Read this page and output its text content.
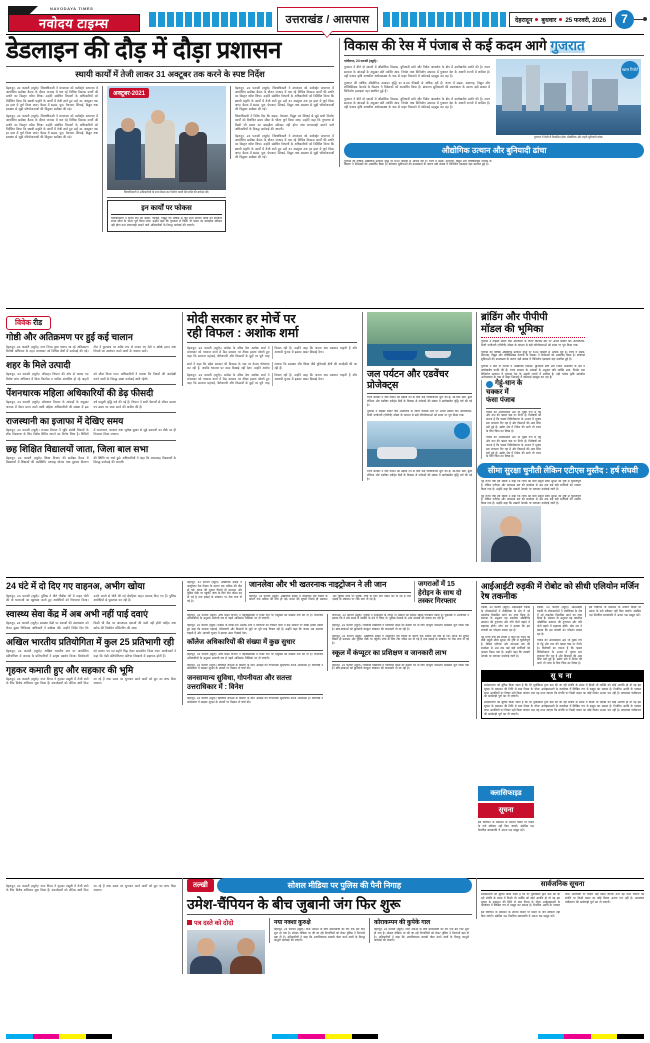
NAVODAYA TIMES
नवोदय टाइम्स	उत्तराखंड / आसपास	देहरादून बुधवार 25 फरवरी, 2026	7
डेडलाइन की दौड़ में दौड़ा प्रशासन
स्थायी कार्यों में तेजी लाकर 31 अक्टूबर तक करने के स्पष्ट निर्देश
देहरादून, 24 फरवरी (ब्यूरो)। जिलाधिकारी ने मंगलवार को कलेक्ट्रेट सभागार में आयोजित समीक्षा बैठक के दौरान जनपद में चल रहे विभिन्न विकास कार्यों की प्रगति का विस्तृत ब्यौरा लिया। उन्होंने संबंधित विभागों के अधिकारियों को निर्देशित किया कि स्थायी प्रकृति के कार्यों में तेजी लाते हुए उन्हें 31 अक्टूबर तक हर हाल में पूर्ण किया जाए। बैठक में सड़क, पुल, पेयजल, सिंचाई, विद्युत तथा स्वास्थ्य से जुड़ी परियोजनाओं की बिंदुवार समीक्षा की गई।
देहरादून, 24 फरवरी (ब्यूरो)। जिलाधिकारी ने मंगलवार को कलेक्ट्रेट सभागार में आयोजित समीक्षा बैठक के दौरान जनपद में चल रहे विभिन्न विकास कार्यों की प्रगति का विस्तृत ब्यौरा लिया। उन्होंने संबंधित विभागों के अधिकारियों को निर्देशित किया कि स्थायी प्रकृति के कार्यों में तेजी लाते हुए उन्हें 31 अक्टूबर तक हर हाल में पूर्ण किया जाए। बैठक में सड़क, पुल, पेयजल, सिंचाई, विद्युत तथा स्वास्थ्य से जुड़ी परियोजनाओं की बिंदुवार समीक्षा की गई।
अक्टूबर-2021
जिलाधिकारी ने अधिकारियों के साथ बैठक कर निर्माण कार्यों की प्रगति की समीक्षा की।
इन कार्यों पर फोकस
जिलाधिकारी ने निर्देश दिए कि सड़क, पेयजल, विद्युत एवं सिंचाई से जुड़े सभी निर्माण कार्यों को निर्धारित समय सीमा के भीतर पूर्ण किया जाए। उन्होंने कहा कि गुणवत्ता से किसी भी प्रकार का समझौता स्वीकार नहीं होगा तथा लापरवाही बरतने वाले अधिकारियों के विरुद्ध कार्रवाई की जाएगी।
देहरादून, 24 फरवरी (ब्यूरो)। जिलाधिकारी ने मंगलवार को कलेक्ट्रेट सभागार में आयोजित समीक्षा बैठक के दौरान जनपद में चल रहे विभिन्न विकास कार्यों की प्रगति का विस्तृत ब्यौरा लिया। उन्होंने संबंधित विभागों के अधिकारियों को निर्देशित किया कि स्थायी प्रकृति के कार्यों में तेजी लाते हुए उन्हें 31 अक्टूबर तक हर हाल में पूर्ण किया जाए। बैठक में सड़क, पुल, पेयजल, सिंचाई, विद्युत तथा स्वास्थ्य से जुड़ी परियोजनाओं की बिंदुवार समीक्षा की गई।
जिलाधिकारी ने निर्देश दिए कि सड़क, पेयजल, विद्युत एवं सिंचाई से जुड़े सभी निर्माण कार्यों को निर्धारित समय सीमा के भीतर पूर्ण किया जाए। उन्होंने कहा कि गुणवत्ता से किसी भी प्रकार का समझौता स्वीकार नहीं होगा तथा लापरवाही बरतने वाले अधिकारियों के विरुद्ध कार्रवाई की जाएगी।
देहरादून, 24 फरवरी (ब्यूरो)। जिलाधिकारी ने मंगलवार को कलेक्ट्रेट सभागार में आयोजित समीक्षा बैठक के दौरान जनपद में चल रहे विभिन्न विकास कार्यों की प्रगति का विस्तृत ब्यौरा लिया। उन्होंने संबंधित विभागों के अधिकारियों को निर्देशित किया कि स्थायी प्रकृति के कार्यों में तेजी लाते हुए उन्हें 31 अक्टूबर तक हर हाल में पूर्ण किया जाए। बैठक में सड़क, पुल, पेयजल, सिंचाई, विद्युत तथा स्वास्थ्य से जुड़ी परियोजनाओं की बिंदुवार समीक्षा की गई।
विकास की रेस में पंजाब से कई कदम आगे गुजरात
गांधीनगर, 24 फरवरी (ब्यूरो)।
गुजरात ने बीते दो दशकों में औद्योगिक विकास, बुनियादी ढांचे और निवेश आकर्षण के क्षेत्र में उल्लेखनीय प्रगति की है। राज्य सरकार के आंकड़ों के अनुसार प्रति व्यक्ति आय, निर्यात तथा विनिर्माण उत्पादन में गुजरात देश के अग्रणी राज्यों में शामिल है। वहीं पंजाब कृषि आधारित अर्थव्यवस्था के चक्र से बाहर निकलने में कठिनाई महसूस कर रहा है।
गुजरात की वार्षिक औद्योगिक उत्पादन वृद्धि दर 8.00 फीसदी से अधिक रही है। राज्य में सड़क, बंदरगाह, विद्युत और लॉजिस्टिक्स नेटवर्क के विस्तार ने निवेशकों को आकर्षित किया है। ढांचागत सुविधाओं की उपलब्धता के कारण बड़ी संख्या में विनिर्माण इकाइयां यहां स्थापित हुई हैं।
गुजरात ने बीते दो दशकों में औद्योगिक विकास, बुनियादी ढांचे और निवेश आकर्षण के क्षेत्र में उल्लेखनीय प्रगति की है। राज्य सरकार के आंकड़ों के अनुसार प्रति व्यक्ति आय, निर्यात तथा विनिर्माण उत्पादन में गुजरात देश के अग्रणी राज्यों में शामिल है। वहीं पंजाब कृषि आधारित अर्थव्यवस्था के चक्र से बाहर निकलने में कठिनाई महसूस कर रहा है।
खास रिपोर्ट
गुजरात में तेजी से विकसित होता औद्योगिक और शहरी बुनियादी ढांचा।
औद्योगिक उत्थान और बुनियादी ढांचा
गुजरात की वार्षिक औद्योगिक उत्पादन वृद्धि दर 8.00 फीसदी से अधिक रही है। राज्य में सड़क, बंदरगाह, विद्युत और लॉजिस्टिक्स नेटवर्क के विस्तार ने निवेशकों को आकर्षित किया है। ढांचागत सुविधाओं की उपलब्धता के कारण बड़ी संख्या में विनिर्माण इकाइयां यहां स्थापित हुई हैं।
विवेक रीड
गोष्ठी और अतिक्रमण पर हुई कई चालान
देहरादून, 24 फरवरी (ब्यूरो)। नगर निगम द्वारा चलाए जा रहे अतिक्रमण विरोधी अभियान के तहत मंगलवार को विभिन्न क्षेत्रों में कार्रवाई की गई। टीम ने फुटपाथ पर अवैध रूप से लगाए गए ठेले व खोखे हटाए तथा नियमों का उल्लंघन करने वालों के चालान काटे।
शहर के मिले उत्पादी
देहरादून, 24 फरवरी (ब्यूरो)। परिवहन विभाग की ओर से चलाए गए विशेष जांच अभियान में बिना फिटनेस व परमिट संचालित हो रहे वाहनों को सीज किया गया। अधिकारियों ने बताया कि नियमों की अनदेखी करने वालों के विरुद्ध सख्त कार्रवाई जारी रहेगी।
पेंशनधारक महिला अधिकारियों की डेढ़ फीसदी
देहरादून, 24 फरवरी (ब्यूरो)। कोषागार विभाग के आंकड़ों के अनुसार जनपद में पेंशन प्राप्त करने वाली महिला अधिकारियों की संख्या में इस वर्ष मामूली वृद्धि दर्ज की गई है। विभाग ने सभी पेंशनरों से जीवन प्रमाण पत्र समय पर जमा करने की अपील की है।
राजस्थानी का इजाफा में देखिए समय
देहरादून, 24 फरवरी (ब्यूरो)। राजस्व विभाग ने भूमि संबंधी विवादों के शीघ्र निस्तारण के लिए विशेष शिविर लगाने का निर्णय लिया है। शिविरों में नामांतरण, बंटवारा तथा भूलेख सुधार से जुड़े प्रकरणों का मौके पर ही निपटारा किया जाएगा।
छह शिक्षित विद्यालयों जाता, जिला बाल सभा
देहरादून, 24 फरवरी (ब्यूरो)। शिक्षा विभाग की समीक्षा बैठक में विद्यालयों में शिक्षकों की उपस्थिति, मध्याह्न भोजन तथा पुस्तक वितरण की स्थिति पर चर्चा हुई। अधिकारियों ने कहा कि लापरवाह विद्यालयों के विरुद्ध कार्रवाई की जाएगी।
मोदी सरकार हर मोर्चे पर
रही विफल : अशोक शर्मा
देहरादून, 24 फरवरी (ब्यूरो)। कांग्रेस के वरिष्ठ नेता अशोक शर्मा ने मंगलवार को पत्रकार वार्ता में केंद्र सरकार पर तीखा हमला बोलते हुए कहा कि सरकार महंगाई, बेरोजगारी और किसानों के मुद्दों पर पूरी तरह विफल रही है। उन्होंने कहा कि जनता अब बदलाव चाहती है और आगामी चुनाव में इसका असर दिखाई देगा।
शर्मा ने कहा कि प्रदेश सरकार भी विकास के नाम पर केवल घोषणाएं कर रही है, जबकि धरातल पर काम दिखाई नहीं देता। उन्होंने आरोप लगाया कि स्वास्थ्य और शिक्षा जैसे बुनियादी क्षेत्रों की अनदेखी की जा रही है।
देहरादून, 24 फरवरी (ब्यूरो)। कांग्रेस के वरिष्ठ नेता अशोक शर्मा ने मंगलवार को पत्रकार वार्ता में केंद्र सरकार पर तीखा हमला बोलते हुए कहा कि सरकार महंगाई, बेरोजगारी और किसानों के मुद्दों पर पूरी तरह विफल रही है। उन्होंने कहा कि जनता अब बदलाव चाहती है और आगामी चुनाव में इसका असर दिखाई देगा।	जल पर्यटन और एडवेंचर प्रोजेक्ट्स
राज्य सरकार ने जल पर्यटन को बढ़ावा देने के लिए कई परियोजनाएं शुरू की हैं। सी-प्लेन सेवा, क्रूज टर्मिनल और एडवेंचर स्पोर्ट्स केंद्रों के विकास से पर्यटकों की संख्या में उल्लेखनीय वृद्धि दर्ज की गई है।
गुजरात ने वाइब्रेंट समिट जैसे आयोजनों के जरिए वैश्विक स्तर पर अपनी ब्रांडिंग की। सार्वजनिक-निजी भागीदारी (पीपीपी) मॉडल के माध्यम से बड़ी परियोजनाओं को समय पर पूरा किया गया।
राज्य सरकार ने जल पर्यटन को बढ़ावा देने के लिए कई परियोजनाएं शुरू की हैं। सी-प्लेन सेवा, क्रूज टर्मिनल और एडवेंचर स्पोर्ट्स केंद्रों के विकास से पर्यटकों की संख्या में उल्लेखनीय वृद्धि दर्ज की गई है।
ब्रांडिंग और पीपीपी
मॉडल की भूमिका
गुजरात ने वाइब्रेंट समिट जैसे आयोजनों के जरिए वैश्विक स्तर पर अपनी ब्रांडिंग की। सार्वजनिक-निजी भागीदारी (पीपीपी) मॉडल के माध्यम से बड़ी परियोजनाओं को समय पर पूरा किया गया।
गुजरात की वार्षिक औद्योगिक उत्पादन वृद्धि दर 8.00 फीसदी से अधिक रही है। राज्य में सड़क, बंदरगाह, विद्युत और लॉजिस्टिक्स नेटवर्क के विस्तार ने निवेशकों को आकर्षित किया है। ढांचागत सुविधाओं की उपलब्धता के कारण बड़ी संख्या में विनिर्माण इकाइयां यहां स्थापित हुई हैं।
गुजरात ने बीते दो दशकों में औद्योगिक विकास, बुनियादी ढांचे और निवेश आकर्षण के क्षेत्र में उल्लेखनीय प्रगति की है। राज्य सरकार के आंकड़ों के अनुसार प्रति व्यक्ति आय, निर्यात तथा विनिर्माण उत्पादन में गुजरात देश के अग्रणी राज्यों में शामिल है। वहीं पंजाब कृषि आधारित अर्थव्यवस्था के चक्र से बाहर निकलने में कठिनाई महसूस कर रहा है।
गेहूं-धान के
चक्कर में
फंसा पंजाब
पंजाब की अर्थव्यवस्था अब भी मुख्य रूप से गेहूं और धान की फसल चक्र पर निर्भर है। विशेषज्ञों का मानना है कि फसल विविधीकरण के अभाव में भूजल स्तर लगातार गिर रहा है और किसानों की आय स्थिर बनी हुई है। उद्योग क्षेत्र में निवेश की कमी भी राज्य के लिए चिंता का विषय है।
पंजाब की अर्थव्यवस्था अब भी मुख्य रूप से गेहूं और धान की फसल चक्र पर निर्भर है। विशेषज्ञों का मानना है कि फसल विविधीकरण के अभाव में भूजल स्तर लगातार गिर रहा है और किसानों की आय स्थिर बनी हुई है। उद्योग क्षेत्र में निवेश की कमी भी राज्य के लिए चिंता का विषय है।
सीमा सुरक्षा चुनौती लेकिन एटीएस मुस्तैद : हर्ष संघवी
गृह राज्य मंत्री हर्ष संघवी ने कहा कि राज्य की लंबी समुद्री सीमा सुरक्षा की दृष्टि से चुनौतीपूर्ण है, लेकिन एटीएस और तटरक्षक बल की सतर्कता से अब तक कई बड़ी साजिशों को नाकाम किया गया है। उन्होंने कहा कि तस्करी नेटवर्क पर लगातार कार्रवाई जारी है।
गृह राज्य मंत्री हर्ष संघवी ने कहा कि राज्य की लंबी समुद्री सीमा सुरक्षा की दृष्टि से चुनौतीपूर्ण है, लेकिन एटीएस और तटरक्षक बल की सतर्कता से अब तक कई बड़ी साजिशों को नाकाम किया गया है। उन्होंने कहा कि तस्करी नेटवर्क पर लगातार कार्रवाई जारी है।
24 घंटे में दो दिए गए वाहनअ, अभीग खोया
देहरादून, 24 फरवरी (ब्यूरो)। पुलिस ने बीते चौबीस घंटे में वाहन चोरी की दो घटनाओं का खुलासा करते हुए आरोपियों को गिरफ्तार किया। उनके कब्जे से चोरी की गई दोपहिया वाहन बरामद किए गए हैं। पुलिस आरोपियों से पूछताछ कर रही है।
स्वास्थ्य सेवा केंद्र में अब अभी नहीं पाई दवाएं
देहरादून, 24 फरवरी (ब्यूरो)। स्वास्थ्य केंद्रों पर दवाओं की उपलब्धता को लेकर मुख्य चिकित्सा अधिकारी ने समीक्षा की। उन्होंने निर्देश दिए कि किसी भी केंद्र पर आवश्यक दवाओं की कमी नहीं होनी चाहिए तथा स्टॉक की नियमित मॉनिटरिंग की जाए।
अखिल भारतीय प्रतियोगिता में कुल 25 प्रतिभागी रही
देहरादून, 24 फरवरी (ब्यूरो)। अखिल भारतीय स्तर पर आयोजित प्रतियोगिता में जनपद के प्रतिभागियों ने उत्कृष्ट प्रदर्शन किया। विजेताओं को प्रमाण पत्र एवं स्मृति चिह्न देकर सम्मानित किया गया। आयोजकों ने कहा कि ऐसी प्रतियोगिताएं प्रतिभा निखारने में सहायक होती हैं।
गृहकर कमाती हुए और सहकार की भूमि
देहरादून, 24 फरवरी (ब्यूरो)। नगर निगम ने गृहकर वसूली में तेजी लाने के लिए विशेष अभियान शुरू किया है। बकायेदारों को नोटिस जारी किए जा रहे हैं तथा समय पर भुगतान करने वालों को छूट का लाभ दिया जाएगा।
देहरादून, 24 फरवरी (ब्यूरो)। औद्योगिक इकाई में नाइट्रोजन गैस रिसाव के कारण एक श्रमिक की मौत हो गई। घटना की सूचना मिलते ही प्रशासन और पुलिस मौके पर पहुंची। जांच के लिए टीम गठित कर दी गई है तथा इकाई के संचालन पर रोक लगा दी गई है।
जानलेवा और भी खतरनाक नाइट्रोजन ने ली जान
देहरादून, 24 फरवरी (ब्यूरो)। औद्योगिक इकाई में नाइट्रोजन गैस रिसाव के कारण एक श्रमिक की मौत हो गई। घटना की सूचना मिलते ही प्रशासन और पुलिस मौके पर पहुंची। जांच के लिए टीम गठित कर दी गई है तथा इकाई के संचालन पर रोक लगा दी गई है।
जगराओं में 15
हेरोइन के साथ दो
तस्कर गिरफ्तार
देहरादून, 24 फरवरी (ब्यूरो)। उच्च शिक्षा विभाग ने महाविद्यालयों में रिक्त पदों पर नियुक्ति की प्रक्रिया तेज कर दी है। विभागीय अधिकारियों के अनुसार आगामी सत्र से पहले अधिकांश रिक्तियां भर दी जाएंगी।
देहरादून, 24 फरवरी (ब्यूरो)। कांग्रेस के वरिष्ठ नेता अशोक शर्मा ने मंगलवार को पत्रकार वार्ता में केंद्र सरकार पर तीखा हमला बोलते हुए कहा कि सरकार महंगाई, बेरोजगारी और किसानों के मुद्दों पर पूरी तरह विफल रही है। उन्होंने कहा कि जनता अब बदलाव चाहती है और आगामी चुनाव में इसका असर दिखाई देगा।
कॉलेज अधिकारियों की संख्या में कुछ सुधार
देहरादून, 24 फरवरी (ब्यूरो)। उच्च शिक्षा विभाग ने महाविद्यालयों में रिक्त पदों पर नियुक्ति की प्रक्रिया तेज कर दी है। विभागीय अधिकारियों के अनुसार आगामी सत्र से पहले अधिकांश रिक्तियां भर दी जाएंगी।
देहरादून, 24 फरवरी (ब्यूरो)। डिजिटल सेवाओं के विस्तार के साथ आंकड़ों की गोपनीयता सुनिश्चित करना आवश्यक है। विशेषज्ञों ने कार्यशाला में साइबर सुरक्षा के उपायों पर विस्तार से चर्चा की।
जनसामान्य सुविधा, गोपनीयता और सतत्ता उत्तराधिकार में : विनेश
देहरादून, 24 फरवरी (ब्यूरो)। डिजिटल सेवाओं के विस्तार के साथ आंकड़ों की गोपनीयता सुनिश्चित करना आवश्यक है। विशेषज्ञों ने कार्यशाला में साइबर सुरक्षा के उपायों पर विस्तार से चर्चा की।
जगराओं, 24 फरवरी (ब्यूरो)। पुलिस ने नाकाबंदी के दौरान दो तस्करों को हेरोइन सहित गिरफ्तार किया है। पूछताछ में आरोपियों ने बताया कि वे लंबे समय से तस्करी के धंधे में लिप्त थे। पुलिस नेटवर्क के अन्य सदस्यों की तलाश कर रही है।
देहरादून, 24 फरवरी (ब्यूरो)। राजकीय विद्यालयों में डिजिटल शिक्षा को बढ़ावा देने के लिए कंप्यूटर प्रशिक्षण कार्यक्रम शुरू किया गया है। छात्र-छात्राओं को बुनियादी कंप्यूटर संचालन की जानकारी दी जा रही है।
देहरादून, 24 फरवरी (ब्यूरो)। औद्योगिक इकाई में नाइट्रोजन गैस रिसाव के कारण एक श्रमिक की मौत हो गई। घटना की सूचना मिलते ही प्रशासन और पुलिस मौके पर पहुंची। जांच के लिए टीम गठित कर दी गई है तथा इकाई के संचालन पर रोक लगा दी गई है।
स्कूल में कंप्यूटर का प्रशिक्षण व जानकारी लाभ
देहरादून, 24 फरवरी (ब्यूरो)। राजकीय विद्यालयों में डिजिटल शिक्षा को बढ़ावा देने के लिए कंप्यूटर प्रशिक्षण कार्यक्रम शुरू किया गया है। छात्र-छात्राओं को बुनियादी कंप्यूटर संचालन की जानकारी दी जा रही है।
आईआईटी रुड़की में रोबोट को सीधी एलियोन मर्जिन रेष तकनीक
रुड़की, 24 फरवरी (ब्यूरो)। आईआईटी रुड़की के शोधकर्ताओं ने रोबोटिक्स के क्षेत्र में नई तकनीक विकसित करने का दावा किया है। संस्थान के अनुसार यह तकनीक औद्योगिक उत्पादन की गुणवत्ता और गति दोनों बढ़ाने में सहायक होगी। शोध दल ने बताया कि इस प्रणाली का परीक्षण सफल रहा है।
गृह राज्य मंत्री हर्ष संघवी ने कहा कि राज्य की लंबी समुद्री सीमा सुरक्षा की दृष्टि से चुनौतीपूर्ण है, लेकिन एटीएस और तटरक्षक बल की सतर्कता से अब तक कई बड़ी साजिशों को नाकाम किया गया है। उन्होंने कहा कि तस्करी नेटवर्क पर लगातार कार्रवाई जारी है।
रुड़की, 24 फरवरी (ब्यूरो)। आईआईटी रुड़की के शोधकर्ताओं ने रोबोटिक्स के क्षेत्र में नई तकनीक विकसित करने का दावा किया है। संस्थान के अनुसार यह तकनीक औद्योगिक उत्पादन की गुणवत्ता और गति दोनों बढ़ाने में सहायक होगी। शोध दल ने बताया कि इस प्रणाली का परीक्षण सफल रहा है।
पंजाब की अर्थव्यवस्था अब भी मुख्य रूप से गेहूं और धान की फसल चक्र पर निर्भर है। विशेषज्ञों का मानना है कि फसल विविधीकरण के अभाव में भूजल स्तर लगातार गिर रहा है और किसानों की आय स्थिर बनी हुई है। उद्योग क्षेत्र में निवेश की कमी भी राज्य के लिए चिंता का विषय है।
इस विज्ञापन के प्रकाशन के उपरांत किसी भी प्रकार के दावे स्वीकार नहीं किए जाएंगे। संबंधित पक्ष निर्धारित समयावधि में अपना पक्ष प्रस्तुत करें।
सूचना
सर्वसाधारण को सूचित किया जाता है कि मेरे मुवक्किल द्वारा क्रय की जा रही संपत्ति के संबंध में किसी भी व्यक्ति को कोई आपत्ति हो तो वह इस सूचना के प्रकाशन की तिथि से सात दिवस के भीतर अधोहस्ताक्षरी के कार्यालय में लिखित रूप से प्रस्तुत कर सकता है। निर्धारित अवधि के पश्चात प्राप्त आपत्तियों पर विचार नहीं किया जाएगा तथा यह माना जाएगा कि संपत्ति पर किसी प्रकार का कोई विवाद अथवा भार नहीं है। तत्पश्चात पंजीकरण की कार्यवाही पूर्ण कर दी जाएगी।
सर्वसाधारण को सूचित किया जाता है कि मेरे मुवक्किल द्वारा क्रय की जा रही संपत्ति के संबंध में किसी भी व्यक्ति को कोई आपत्ति हो तो वह इस सूचना के प्रकाशन की तिथि से सात दिवस के भीतर अधोहस्ताक्षरी के कार्यालय में लिखित रूप से प्रस्तुत कर सकता है। निर्धारित अवधि के पश्चात प्राप्त आपत्तियों पर विचार नहीं किया जाएगा तथा यह माना जाएगा कि संपत्ति पर किसी प्रकार का कोई विवाद अथवा भार नहीं है। तत्पश्चात पंजीकरण की कार्यवाही पूर्ण कर दी जाएगी।
क्लासिफाइड
सूचना
इस विज्ञापन के प्रकाशन के उपरांत किसी भी प्रकार के दावे स्वीकार नहीं किए जाएंगे। संबंधित पक्ष निर्धारित समयावधि में अपना पक्ष प्रस्तुत करें।
देहरादून, 24 फरवरी (ब्यूरो)। नगर निगम ने गृहकर वसूली में तेजी लाने के लिए विशेष अभियान शुरू किया है। बकायेदारों को नोटिस जारी किए जा रहे हैं तथा समय पर भुगतान करने वालों को छूट का लाभ दिया जाएगा।
तल्खी	सोशल मीडिया पर पुलिस की पैनी निगाह
उमेश-चैंपियन के बीच जुबानी जंग फिर शुरू
पत्र दस्ते को दोदो	नया नक्शा कुरुक्षे
देहरादून, 24 फरवरी (ब्यूरो)। दोनों नेताओं के बीच बयानबाजी का दौर एक बार फिर शुरू हो गया है। सोशल मीडिया पर की जा रही टिप्पणियों को लेकर पुलिस ने निगरानी बढ़ा दी है। अधिकारियों ने कहा कि आपत्तिजनक सामग्री पोस्ट करने वालों के विरुद्ध कानूनी कार्रवाई की जाएगी।
कोराकम्पन की कुपेके गाल
देहरादून, 24 फरवरी (ब्यूरो)। दोनों नेताओं के बीच बयानबाजी का दौर एक बार फिर शुरू हो गया है। सोशल मीडिया पर की जा रही टिप्पणियों को लेकर पुलिस ने निगरानी बढ़ा दी है। अधिकारियों ने कहा कि आपत्तिजनक सामग्री पोस्ट करने वालों के विरुद्ध कानूनी कार्रवाई की जाएगी।
सार्वजनिक सूचना
सर्वसाधारण को सूचित किया जाता है कि मेरे मुवक्किल द्वारा क्रय की जा रही संपत्ति के संबंध में किसी भी व्यक्ति को कोई आपत्ति हो तो वह इस सूचना के प्रकाशन की तिथि से सात दिवस के भीतर अधोहस्ताक्षरी के कार्यालय में लिखित रूप से प्रस्तुत कर सकता है। निर्धारित अवधि के पश्चात प्राप्त आपत्तियों पर विचार नहीं किया जाएगा तथा यह माना जाएगा कि संपत्ति पर किसी प्रकार का कोई विवाद अथवा भार नहीं है। तत्पश्चात पंजीकरण की कार्यवाही पूर्ण कर दी जाएगी।
इस विज्ञापन के प्रकाशन के उपरांत किसी भी प्रकार के दावे स्वीकार नहीं किए जाएंगे। संबंधित पक्ष निर्धारित समयावधि में अपना पक्ष प्रस्तुत करें।
